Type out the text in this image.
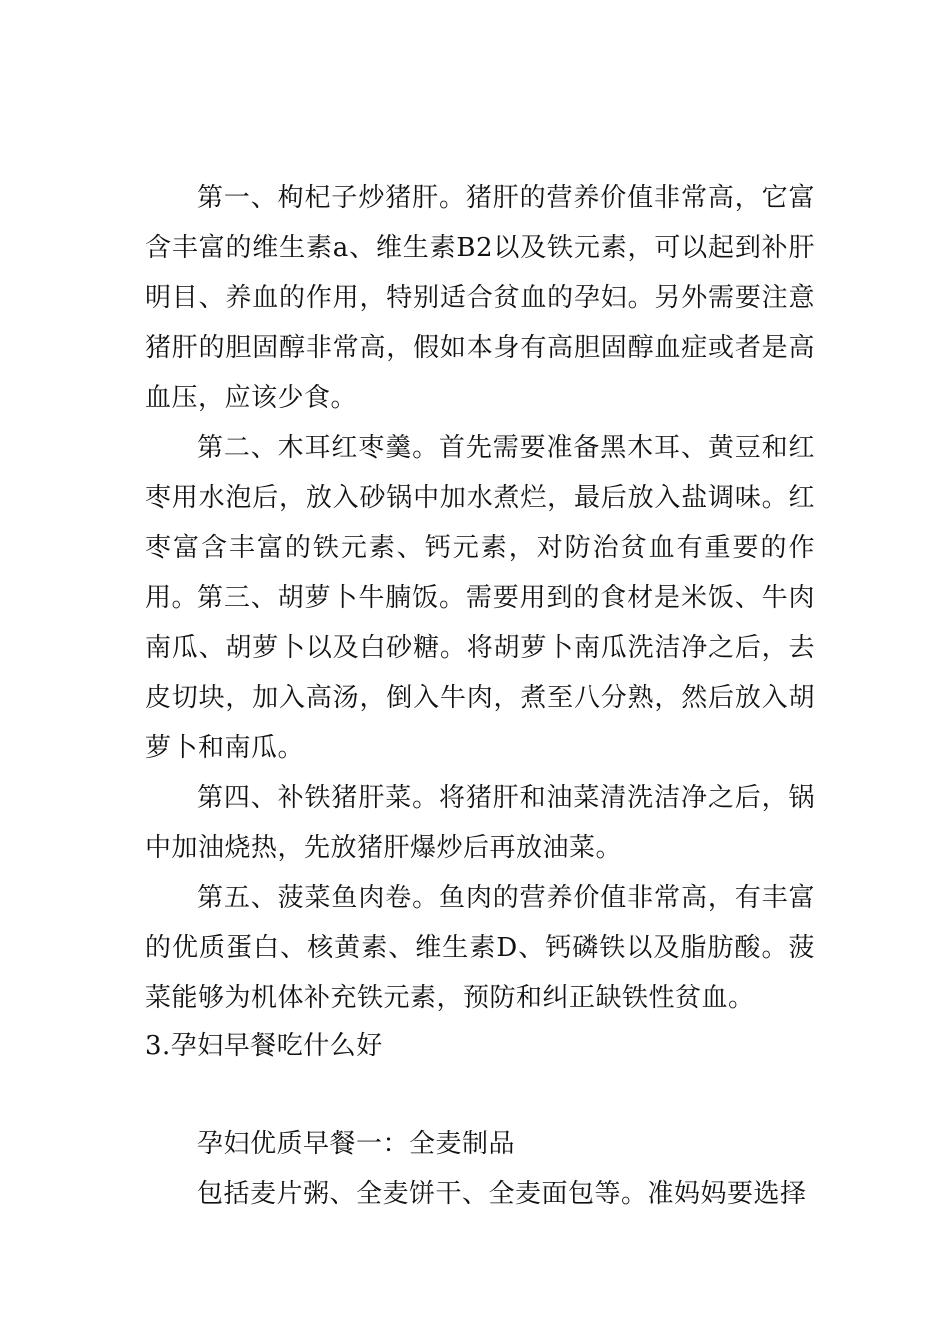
第一、枸杞子炒猪肝。猪肝的营养价值非常高，它富含丰富的维生素a、维生素B2以及铁元素，可以起到补肝明目、养血的作用，特别适合贫血的孕妇。另外需要注意猪肝的胆固醇非常高，假如本身有高胆固醇血症或者是高血压，应该少食。

第二、木耳红枣羹。首先需要准备黑木耳、黄豆和红枣用水泡后，放入砂锅中加水煮烂，最后放入盐调味。红枣富含丰富的铁元素、钙元素，对防治贫血有重要的作用。

第三、胡萝卜牛腩饭。需要用到的食材是米饭、牛肉南瓜、胡萝卜以及白砂糖。将胡萝卜南瓜洗洁净之后，去皮切块，加入高汤，倒入牛肉，煮至八分熟，然后放入胡萝卜和南瓜。

第四、补铁猪肝菜。将猪肝和油菜清洗洁净之后，锅中加油烧热，先放猪肝爆炒后再放油菜。

第五、菠菜鱼肉卷。鱼肉的营养价值非常高，有丰富的优质蛋白、核黄素、维生素D、钙磷铁以及脂肪酸。菠菜能够为机体补充铁元素，预防和纠正缺铁性贫血。

3.孕妇早餐吃什么好

孕妇优质早餐一：全麦制品

包括麦片粥、全麦饼干、全麦面包等。准妈妈要选择
